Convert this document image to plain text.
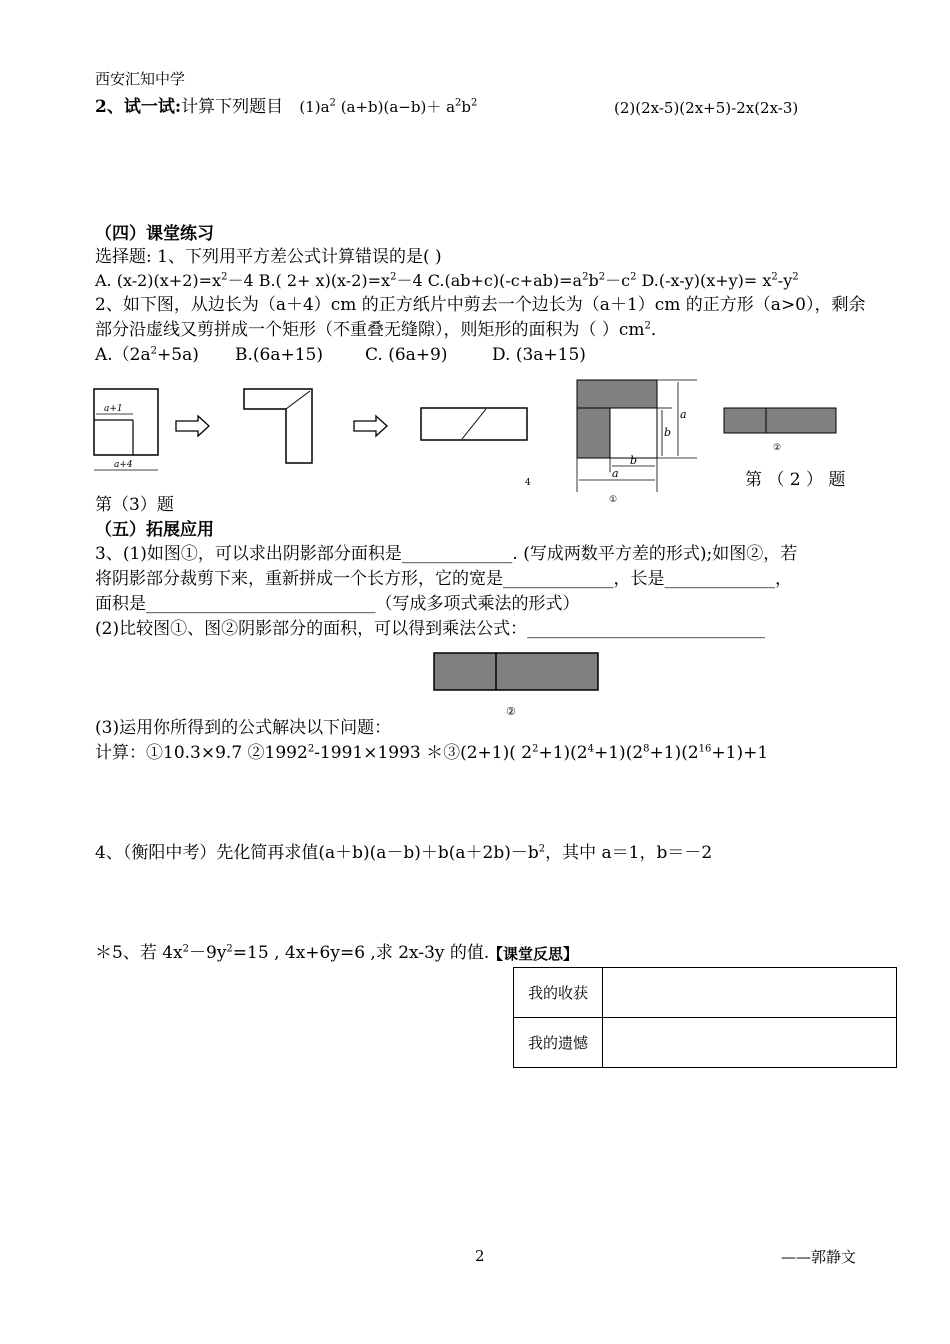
西安汇知中学
2、试一试:计算下列题目 $(1)a^2$ $(a+b)(a-b)+ a^2b^2$	(2)(2x-5)(2x+5)-2x(2x-3)
（四）课堂练习
选择题: 1、下列用平方差公式计算错误的是( )
A. $(x-2)(x+2)=x^2-4$ B.( $2+ x)(x-2)=x^2-4$ $C.(ab+c)(-c+ab)=a^2b^2-c^2$ $D.(-x-y)(x+y)= x^2-y^2$
2、如下图，从边长为（a＋4）cm 的正方纸片中剪去一个边长为（a＋1）cm 的正方形（a>0），剩余
部分沿虚线又剪拼成一个矩形（不重叠无缝隙），则矩形的面积为（ ）$cm^2$．
$A.(2a^2+5a)$ B.(6a+15) C. (6a+9)	D. (3a+15)
a+1
a+4
4
a
b
b
a
①
②
第 （ 2 ） 题
第（3）题
（五）拓展应用
3、(1)如图①，可以求出阴影部分面积是_____________. (写成两数平方差的形式);如图②，若
将阴影部分裁剪下来，重新拼成一个长方形，它的宽是_____________，长是_____________，
面积是___________________________（写成多项式乘法的形式）
(2)比较图①、图②阴影部分的面积，可以得到乘法公式：____________________________
②
(3)运用你所得到的公式解决以下问题：
计算：①10.3×9.7 $②1992^2-1991\times 1993$ ＊③(2+1)( $2^2+1)(2^4+1)(2^8+1)(2^{16}+1)+1$
4、（衡阳中考）先化简再求值$(a+b)(a-b)+b(a+2b)-b^2$，其中 a＝1，b＝－2
＊5、若 $4x^2-9y^2=15$ , 4x+6y=6 ,求 2x-3y 的值.
【课堂反思】
我的收获	
我的遗憾	
2	——郭静文
